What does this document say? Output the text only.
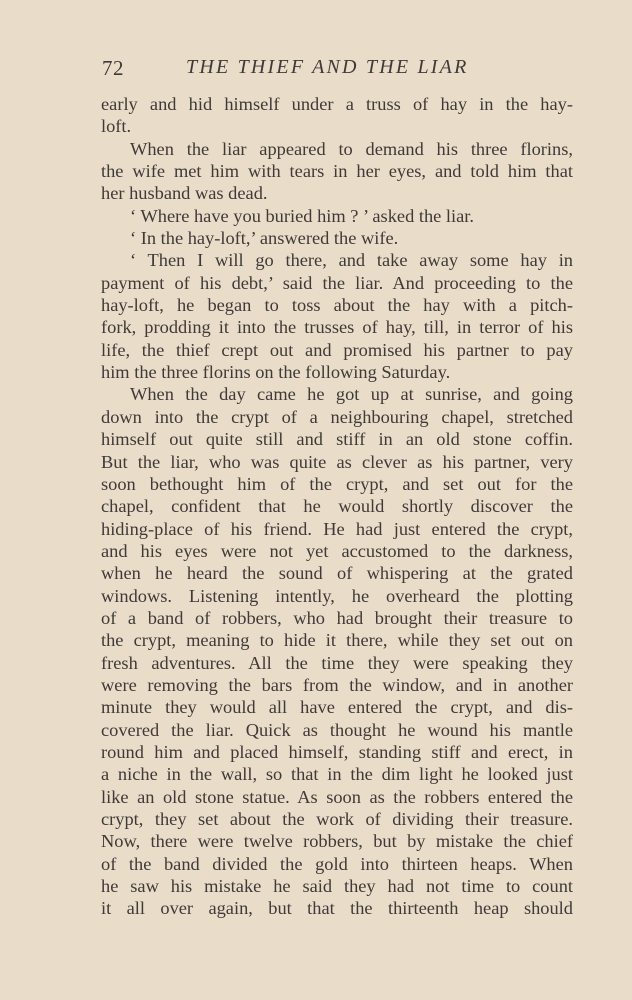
72	THE THIEF AND THE LIAR
early and hid himself under a truss of hay in the hay-
loft.
When the liar appeared to demand his three florins,
the wife met him with tears in her eyes, and told him that
her husband was dead.
‘ Where have you buried him ? ’ asked the liar.
‘ In the hay-loft,’ answered the wife.
‘ Then I will go there, and take away some hay in
payment of his debt,’ said the liar. And proceeding to the
hay-loft, he began to toss about the hay with a pitch-
fork, prodding it into the trusses of hay, till, in terror of his
life, the thief crept out and promised his partner to pay
him the three florins on the following Saturday.
When the day came he got up at sunrise, and going
down into the crypt of a neighbouring chapel, stretched
himself out quite still and stiff in an old stone coffin.
But the liar, who was quite as clever as his partner, very
soon bethought him of the crypt, and set out for the
chapel, confident that he would shortly discover the
hiding-place of his friend. He had just entered the crypt,
and his eyes were not yet accustomed to the darkness,
when he heard the sound of whispering at the grated
windows. Listening intently, he overheard the plotting
of a band of robbers, who had brought their treasure to
the crypt, meaning to hide it there, while they set out on
fresh adventures. All the time they were speaking they
were removing the bars from the window, and in another
minute they would all have entered the crypt, and dis-
covered the liar. Quick as thought he wound his mantle
round him and placed himself, standing stiff and erect, in
a niche in the wall, so that in the dim light he looked just
like an old stone statue. As soon as the robbers entered the
crypt, they set about the work of dividing their treasure.
Now, there were twelve robbers, but by mistake the chief
of the band divided the gold into thirteen heaps. When
he saw his mistake he said they had not time to count
it all over again, but that the thirteenth heap should
